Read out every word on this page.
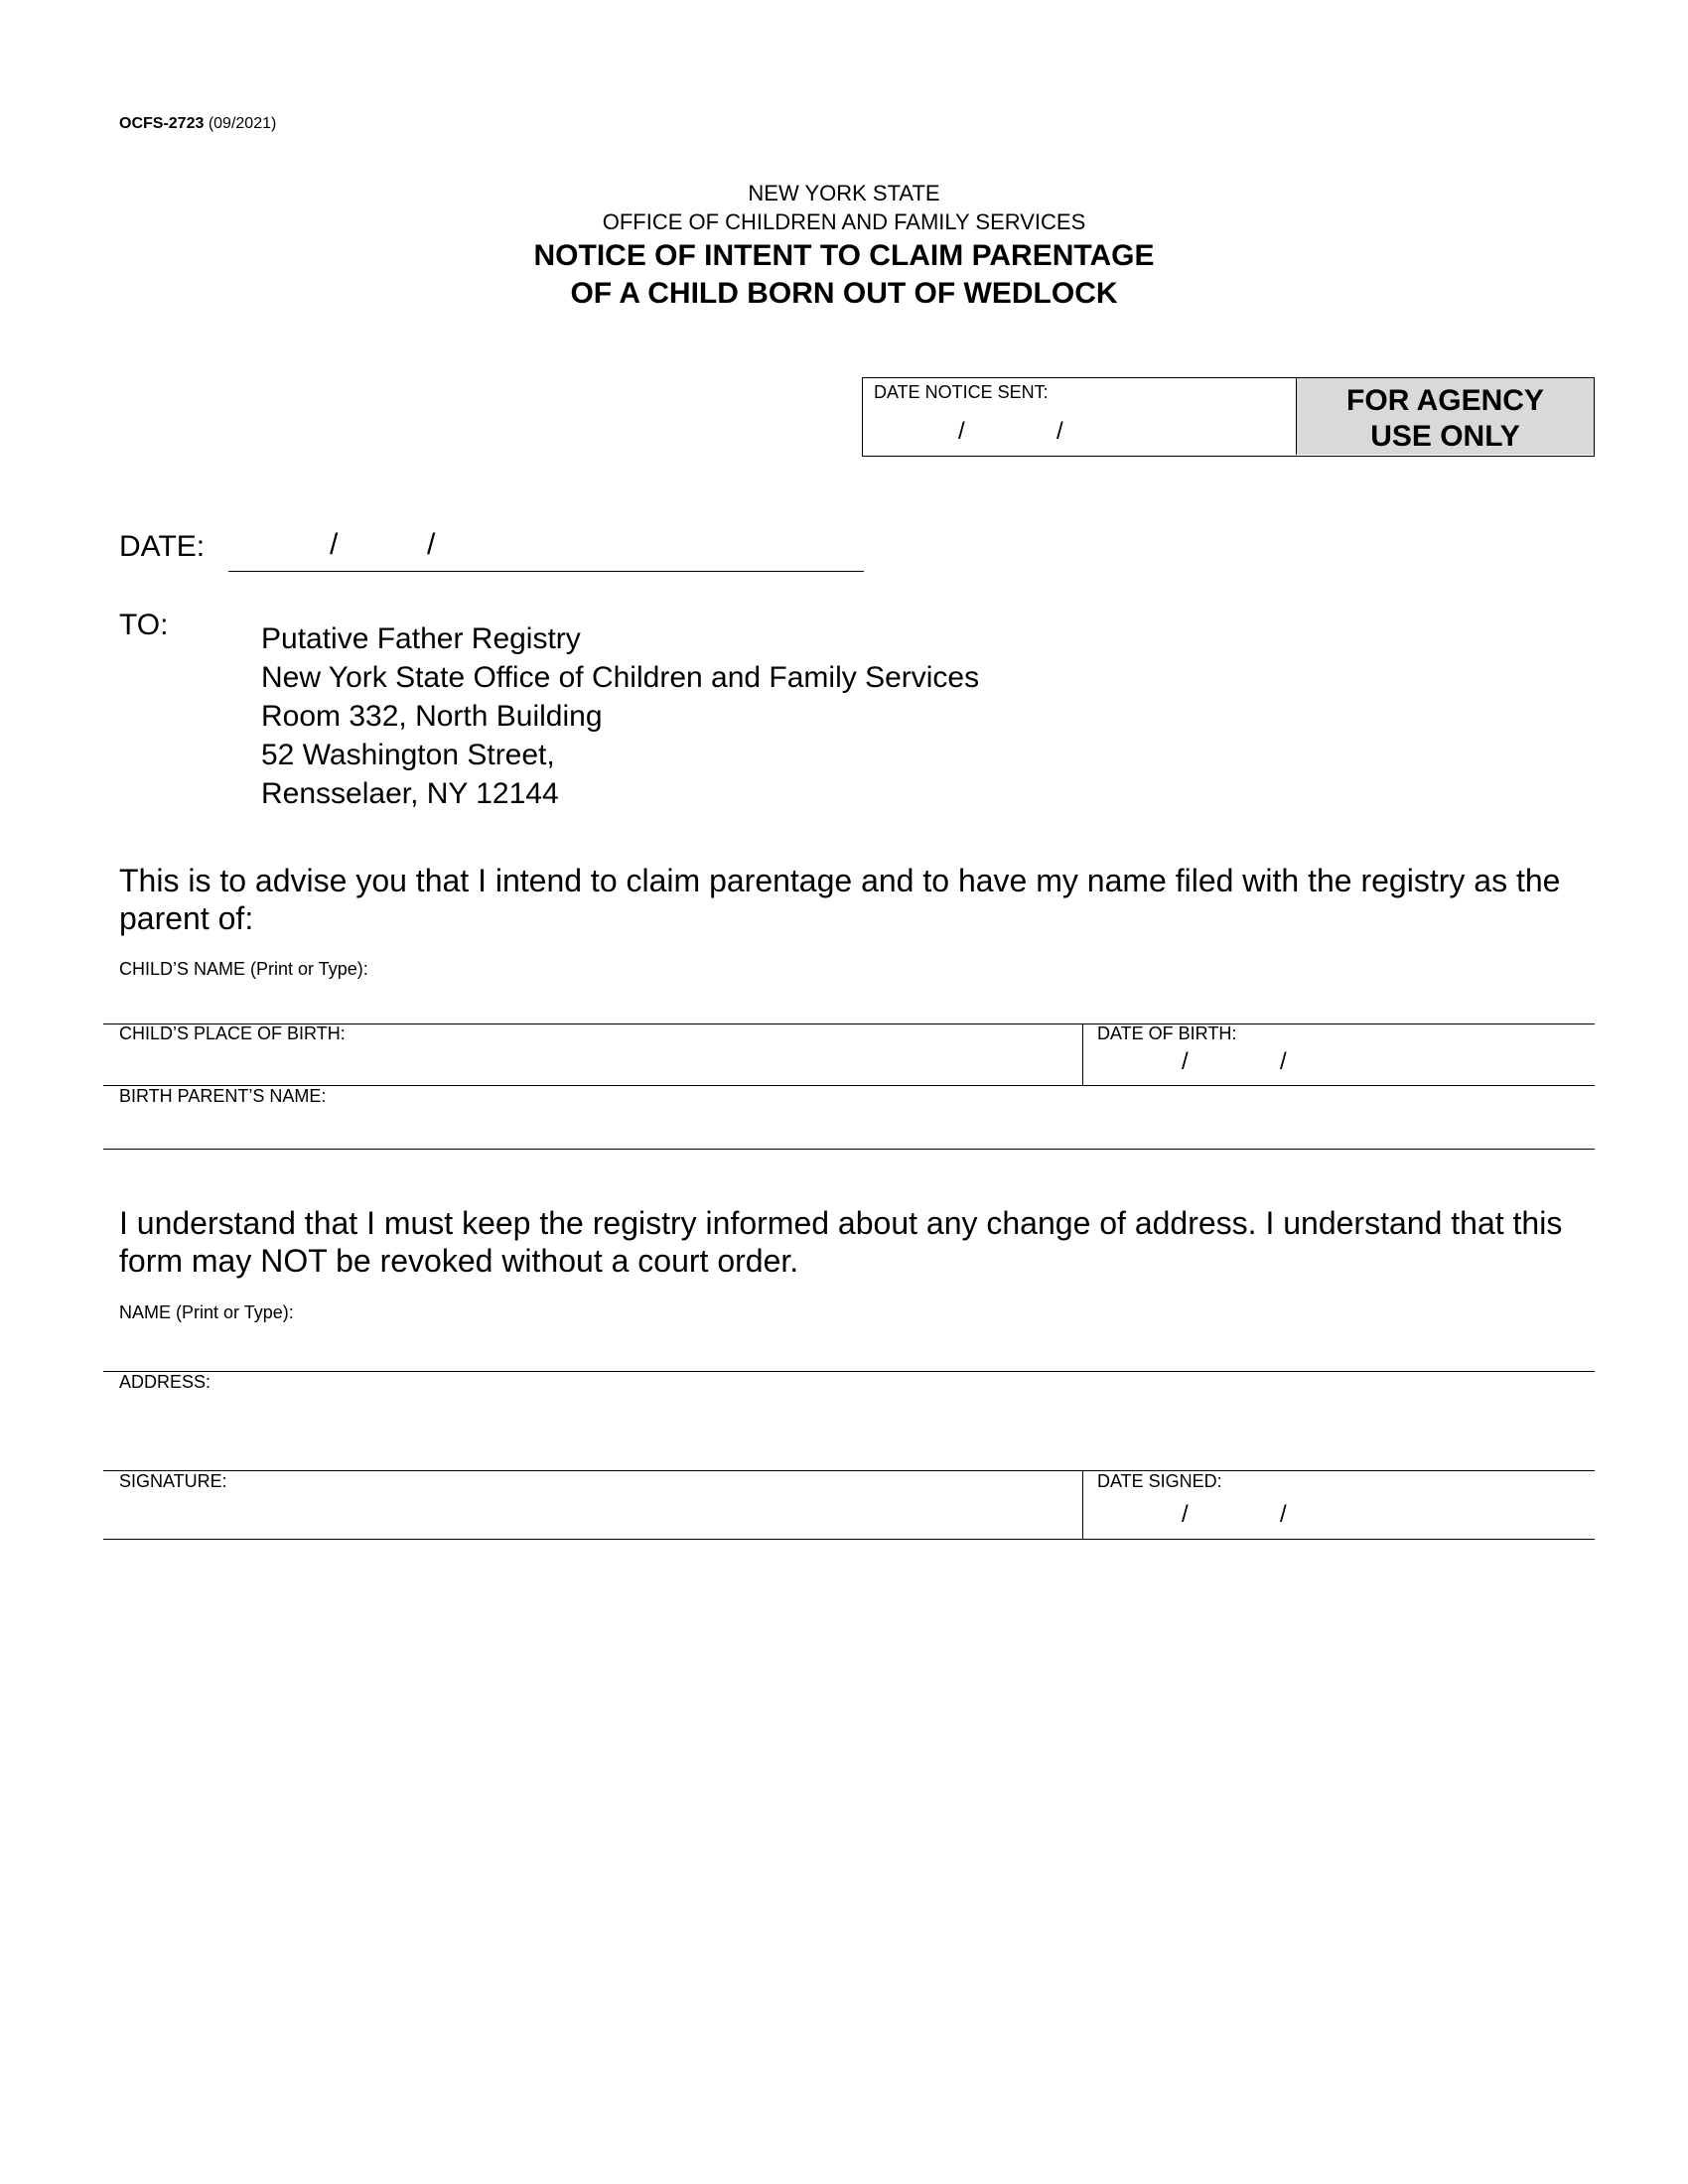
OCFS-2723 (09/2021)
NEW YORK STATE
OFFICE OF CHILDREN AND FAMILY SERVICES
NOTICE OF INTENT TO CLAIM PARENTAGE
OF A CHILD BORN OUT OF WEDLOCK
DATE NOTICE SENT:
/	/
FOR AGENCY
USE ONLY
DATE:	/	/
TO:	Putative Father Registry
New York State Office of Children and Family Services
Room 332, North Building
52 Washington Street,
Rensselaer, NY 12144
This is to advise you that I intend to claim parentage and to have my name filed with the registry as the parent of:
CHILD’S NAME (Print or Type):
CHILD’S PLACE OF BIRTH:	DATE OF BIRTH:
/	/
BIRTH PARENT’S NAME:
I understand that I must keep the registry informed about any change of address. I understand that this form may NOT be revoked without a court order.
NAME (Print or Type):
ADDRESS:
SIGNATURE:	DATE SIGNED:
/	/
